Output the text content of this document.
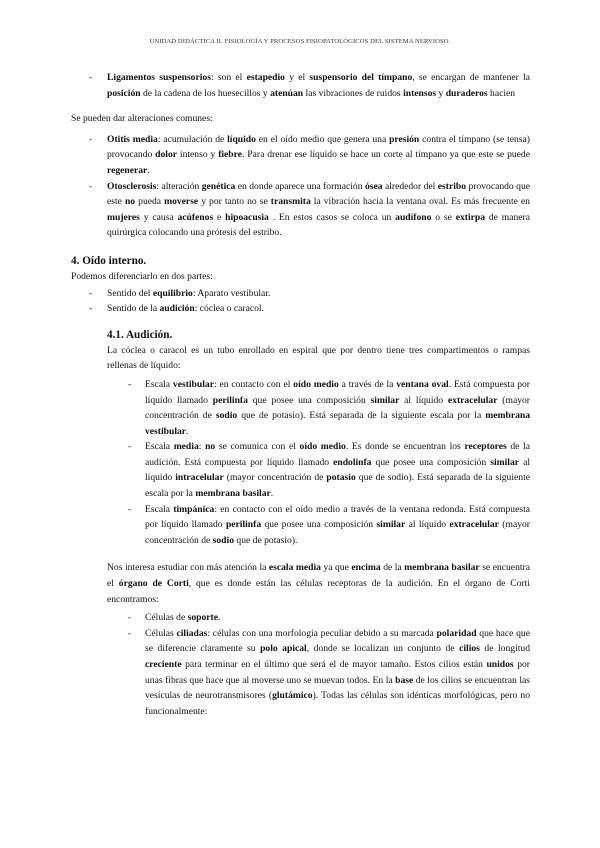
UNIDAD DIDÁCTICA II. FISIOLOGÍA Y PROCESOS FISIOPATOLÓGICOS DEL SISTEMA NERVIOSO.
- Ligamentos suspensorios: son el estapedio y el suspensorio del tímpano, se encargan de mantener la posición de la cadena de los huesecillos y atenúan las vibraciones de ruidos intensos y duraderos hacien

Se pueden dar alteraciones comunes:

- Otitis media: acumulación de líquido en el oído medio que genera una presión contra el tímpano (se tensa) provocando dolor intenso y fiebre. Para drenar ese líquido se hace un corte al tímpano ya que este se puede regenerar.
- Otosclerosis: alteración genética en donde aparece una formación ósea alrededor del estribo provocando que este no pueda moverse y por tanto no se transmita la vibración hacia la ventana oval. Es más frecuente en mujeres y causa acúfenos e hipoacusia . En estos casos se coloca un audífono o se extirpa de manera quirúrgica colocando una prótesis del estribo.
4. Oído interno.

Podemos diferenciarlo en dos partes:

- Sentido del equilibrio: Aparato vestibular.
- Sentido de la audición: cóclea o caracol.
4.1. Audición.

La cóclea o caracol es un tubo enrollado en espiral que por dentro tiene tres compartimentos o rampas rellenas de líquido:

- Escala vestibular: en contacto con el oído medio a través de la ventana oval. Está compuesta por líquido llamado perilinfa que posee una composición similar al líquido extracelular (mayor concentración de sodio que de potasio). Está separada de la siguiente escala por la membrana vestibular.
- Escala media: no se comunica con el oído medio. Es donde se encuentran los receptores de la audición. Está compuesta por líquido llamado endolinfa que posee una composición similar al líquido intracelular (mayor concentración de potasio que de sodio). Está separada de la siguiente escala por la membrana basilar.
- Escala timpánica: en contacto con el oído medio a través de la ventana redonda. Está compuesta por líquido llamado perilinfa que posee una composición similar al líquido extracelular (mayor concentración de sodio que de potasio).

Nos interesa estudiar con más atención la escala media ya que encima de la membrana basilar se encuentra el órgano de Corti, que es donde están las células receptoras de la audición. En el órgano de Corti encontramos:

- Células de soporte.
- Células ciliadas: células con una morfología peculiar debido a su marcada polaridad que hace que se diferencie claramente su polo apical, donde se localizan un conjunto de cilios de longitud creciente para terminar en el último que será el de mayor tamaño. Estos cilios están unidos por unas fibras que hace que al moverse uno se muevan todos. En la base de los cilios se encuentran las vesículas de neurotransmisores (glutámico). Todas las células son idénticas morfológicas, pero no funcionalmente:
